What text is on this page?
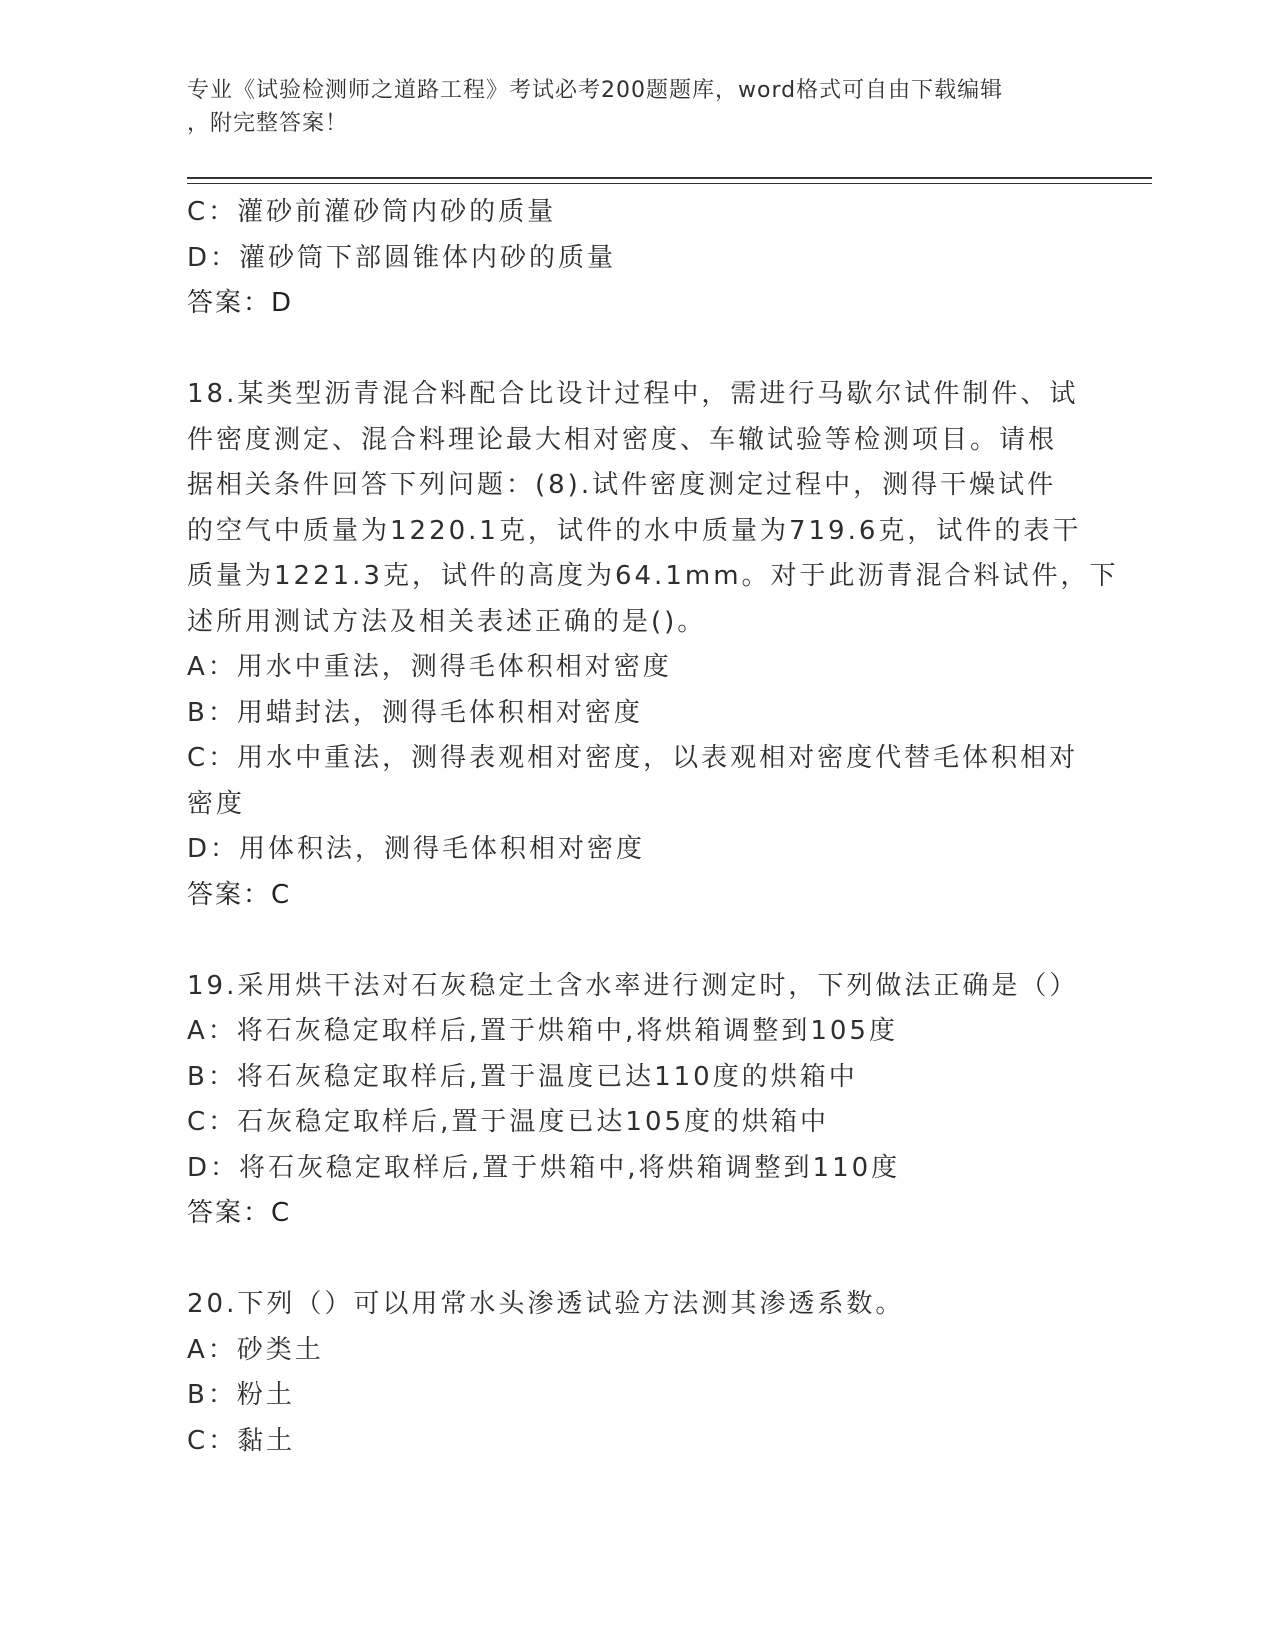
专业《试验检测师之道路工程》考试必考200题题库，word格式可自由下载编辑
，附完整答案！
C：灌砂前灌砂筒内砂的质量
D：灌砂筒下部圆锥体内砂的质量
答案：D
18.某类型沥青混合料配合比设计过程中，需进行马歇尔试件制件、试
件密度测定、混合料理论最大相对密度、车辙试验等检测项目。请根
据相关条件回答下列问题：(8).试件密度测定过程中，测得干燥试件
的空气中质量为1220.1克，试件的水中质量为719.6克，试件的表干
质量为1221.3克，试件的高度为64.1mm。对于此沥青混合料试件，下
述所用测试方法及相关表述正确的是()。
A：用水中重法，测得毛体积相对密度
B：用蜡封法，测得毛体积相对密度
C：用水中重法，测得表观相对密度，以表观相对密度代替毛体积相对
密度
D：用体积法，测得毛体积相对密度
答案：C
19.采用烘干法对石灰稳定土含水率进行测定时，下列做法正确是（）
A：将石灰稳定取样后,置于烘箱中,将烘箱调整到105度
B：将石灰稳定取样后,置于温度已达110度的烘箱中
C：石灰稳定取样后,置于温度已达105度的烘箱中
D：将石灰稳定取样后,置于烘箱中,将烘箱调整到110度
答案：C
20.下列（）可以用常水头渗透试验方法测其渗透系数。
A：砂类土
B：粉土
C：黏土
